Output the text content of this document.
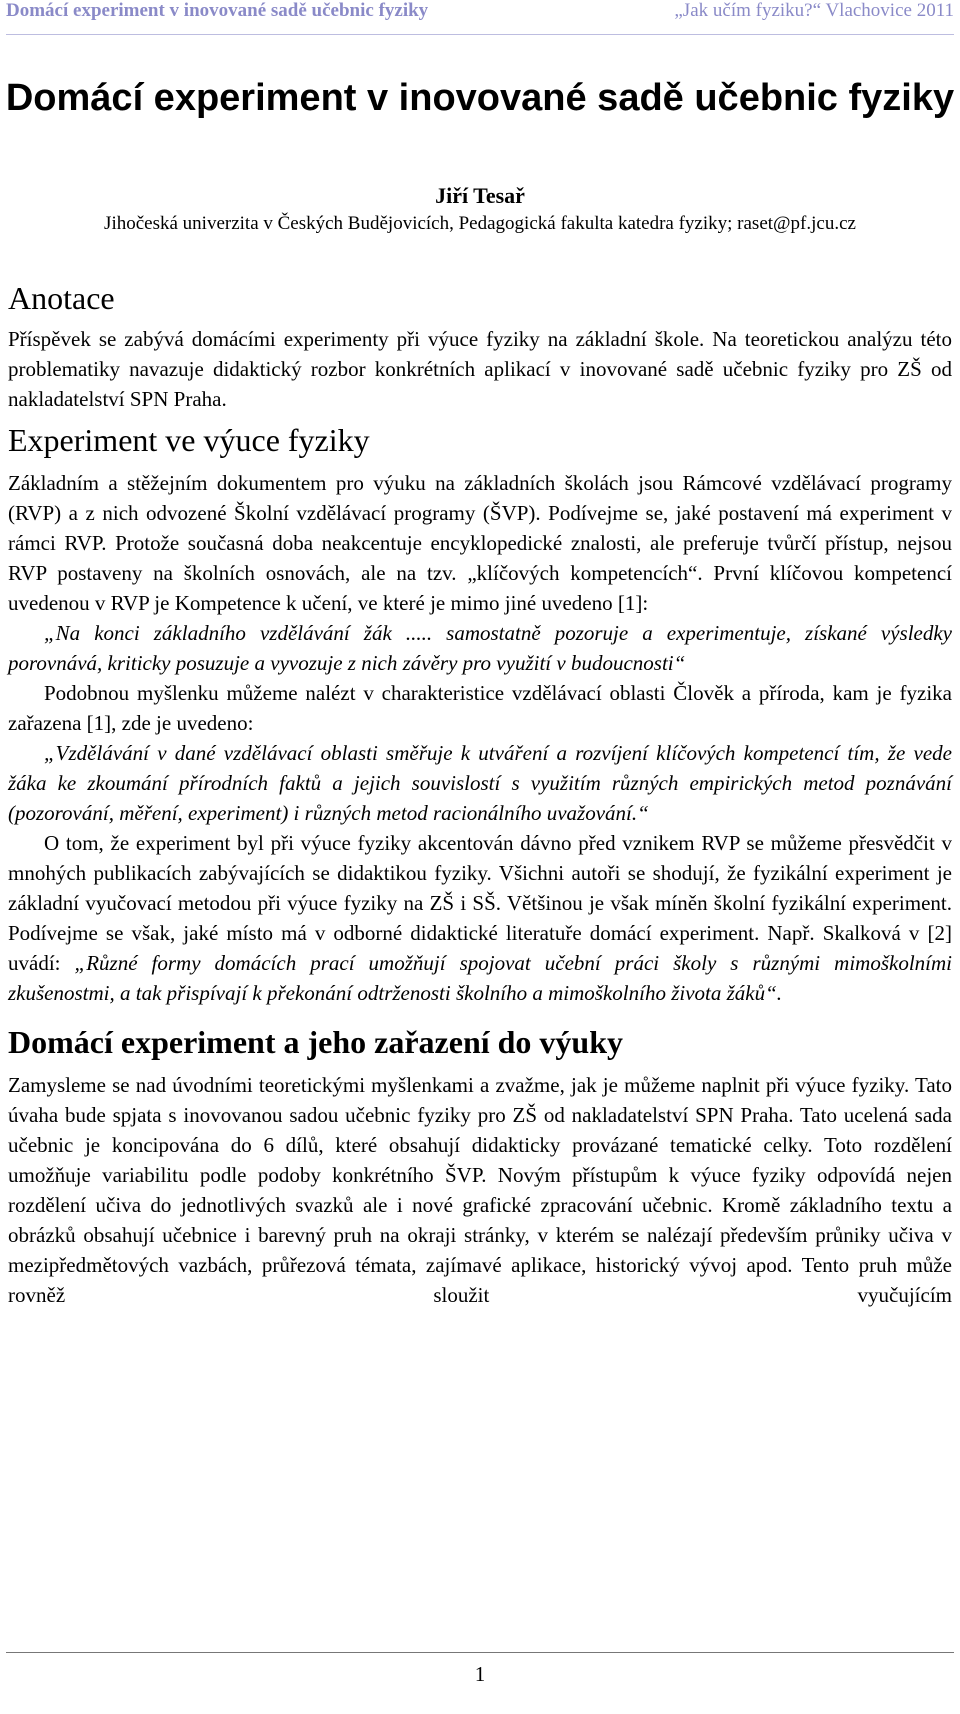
Domácí experiment v inovované sadě učebnic fyziky	„Jak učím fyziku?“ Vlachovice 2011
Domácí experiment v inovované sadě učebnic fyziky
Jiří Tesař
Jihočeská univerzita v Českých Budějovicích, Pedagogická fakulta katedra fyziky; raset@pf.jcu.cz
Anotace

Příspěvek se zabývá domácími experimenty při výuce fyziky na základní škole. Na teoretickou analýzu této problematiky navazuje didaktický rozbor konkrétních aplikací v inovované sadě učebnic fyziky pro ZŠ od nakladatelství SPN Praha.

Experiment ve výuce fyziky

Základním a stěžejním dokumentem pro výuku na základních školách jsou Rámcové vzdělávací programy (RVP) a z nich odvozené Školní vzdělávací programy (ŠVP). Podívejme se, jaké postavení má experiment v rámci RVP. Protože současná doba neakcentuje encyklopedické znalosti, ale preferuje tvůrčí přístup, nejsou RVP postaveny na školních osnovách, ale na tzv. „klíčových kompetencích“. První klíčovou kompetencí uvedenou v RVP je Kompetence k učení, ve které je mimo jiné uvedeno [1]:

„Na konci základního vzdělávání žák ..... samostatně pozoruje a experimentuje, získané výsledky porovnává, kriticky posuzuje a vyvozuje z nich závěry pro využití v budoucnosti“

Podobnou myšlenku můžeme nalézt v charakteristice vzdělávací oblasti Člověk a příroda, kam je fyzika zařazena [1], zde je uvedeno:

„Vzdělávání v dané vzdělávací oblasti směřuje k utváření a rozvíjení klíčových kompetencí tím, že vede žáka ke zkoumání přírodních faktů a jejich souvislostí s využitím různých empirických metod poznávání (pozorování, měření, experiment) i různých metod racionálního uvažování.“

O tom, že experiment byl při výuce fyziky akcentován dávno před vznikem RVP se můžeme přesvědčit v mnohých publikacích zabývajících se didaktikou fyziky. Všichni autoři se shodují, že fyzikální experiment je základní vyučovací metodou při výuce fyziky na ZŠ i SŠ. Většinou je však míněn školní fyzikální experiment. Podívejme se však, jaké místo má v odborné didaktické literatuře domácí experiment. Např. Skalková v [2] uvádí: „Různé formy domácích prací umožňují spojovat učební práci školy s různými mimoškolními zkušenostmi, a tak přispívají k překonání odtrženosti školního a mimoškolního života žáků“.

Domácí experiment a jeho zařazení do výuky

Zamysleme se nad úvodními teoretickými myšlenkami a zvažme, jak je můžeme naplnit při výuce fyziky. Tato úvaha bude spjata s inovovanou sadou učebnic fyziky pro ZŠ od nakladatelství SPN Praha. Tato ucelená sada učebnic je koncipována do 6 dílů, které obsahují didakticky provázané tematické celky. Toto rozdělení umožňuje variabilitu podle podoby konkrétního ŠVP. Novým přístupům k výuce fyziky odpovídá nejen rozdělení učiva do jednotlivých svazků ale i nové grafické zpracování učebnic. Kromě základního textu a obrázků obsahují učebnice i barevný pruh na okraji stránky, v kterém se nalézají především průniky učiva v mezipředmětových vazbách, průřezová témata, zajímavé aplikace, historický vývoj apod. Tento pruh může rovněž sloužit vyučujícím

1
